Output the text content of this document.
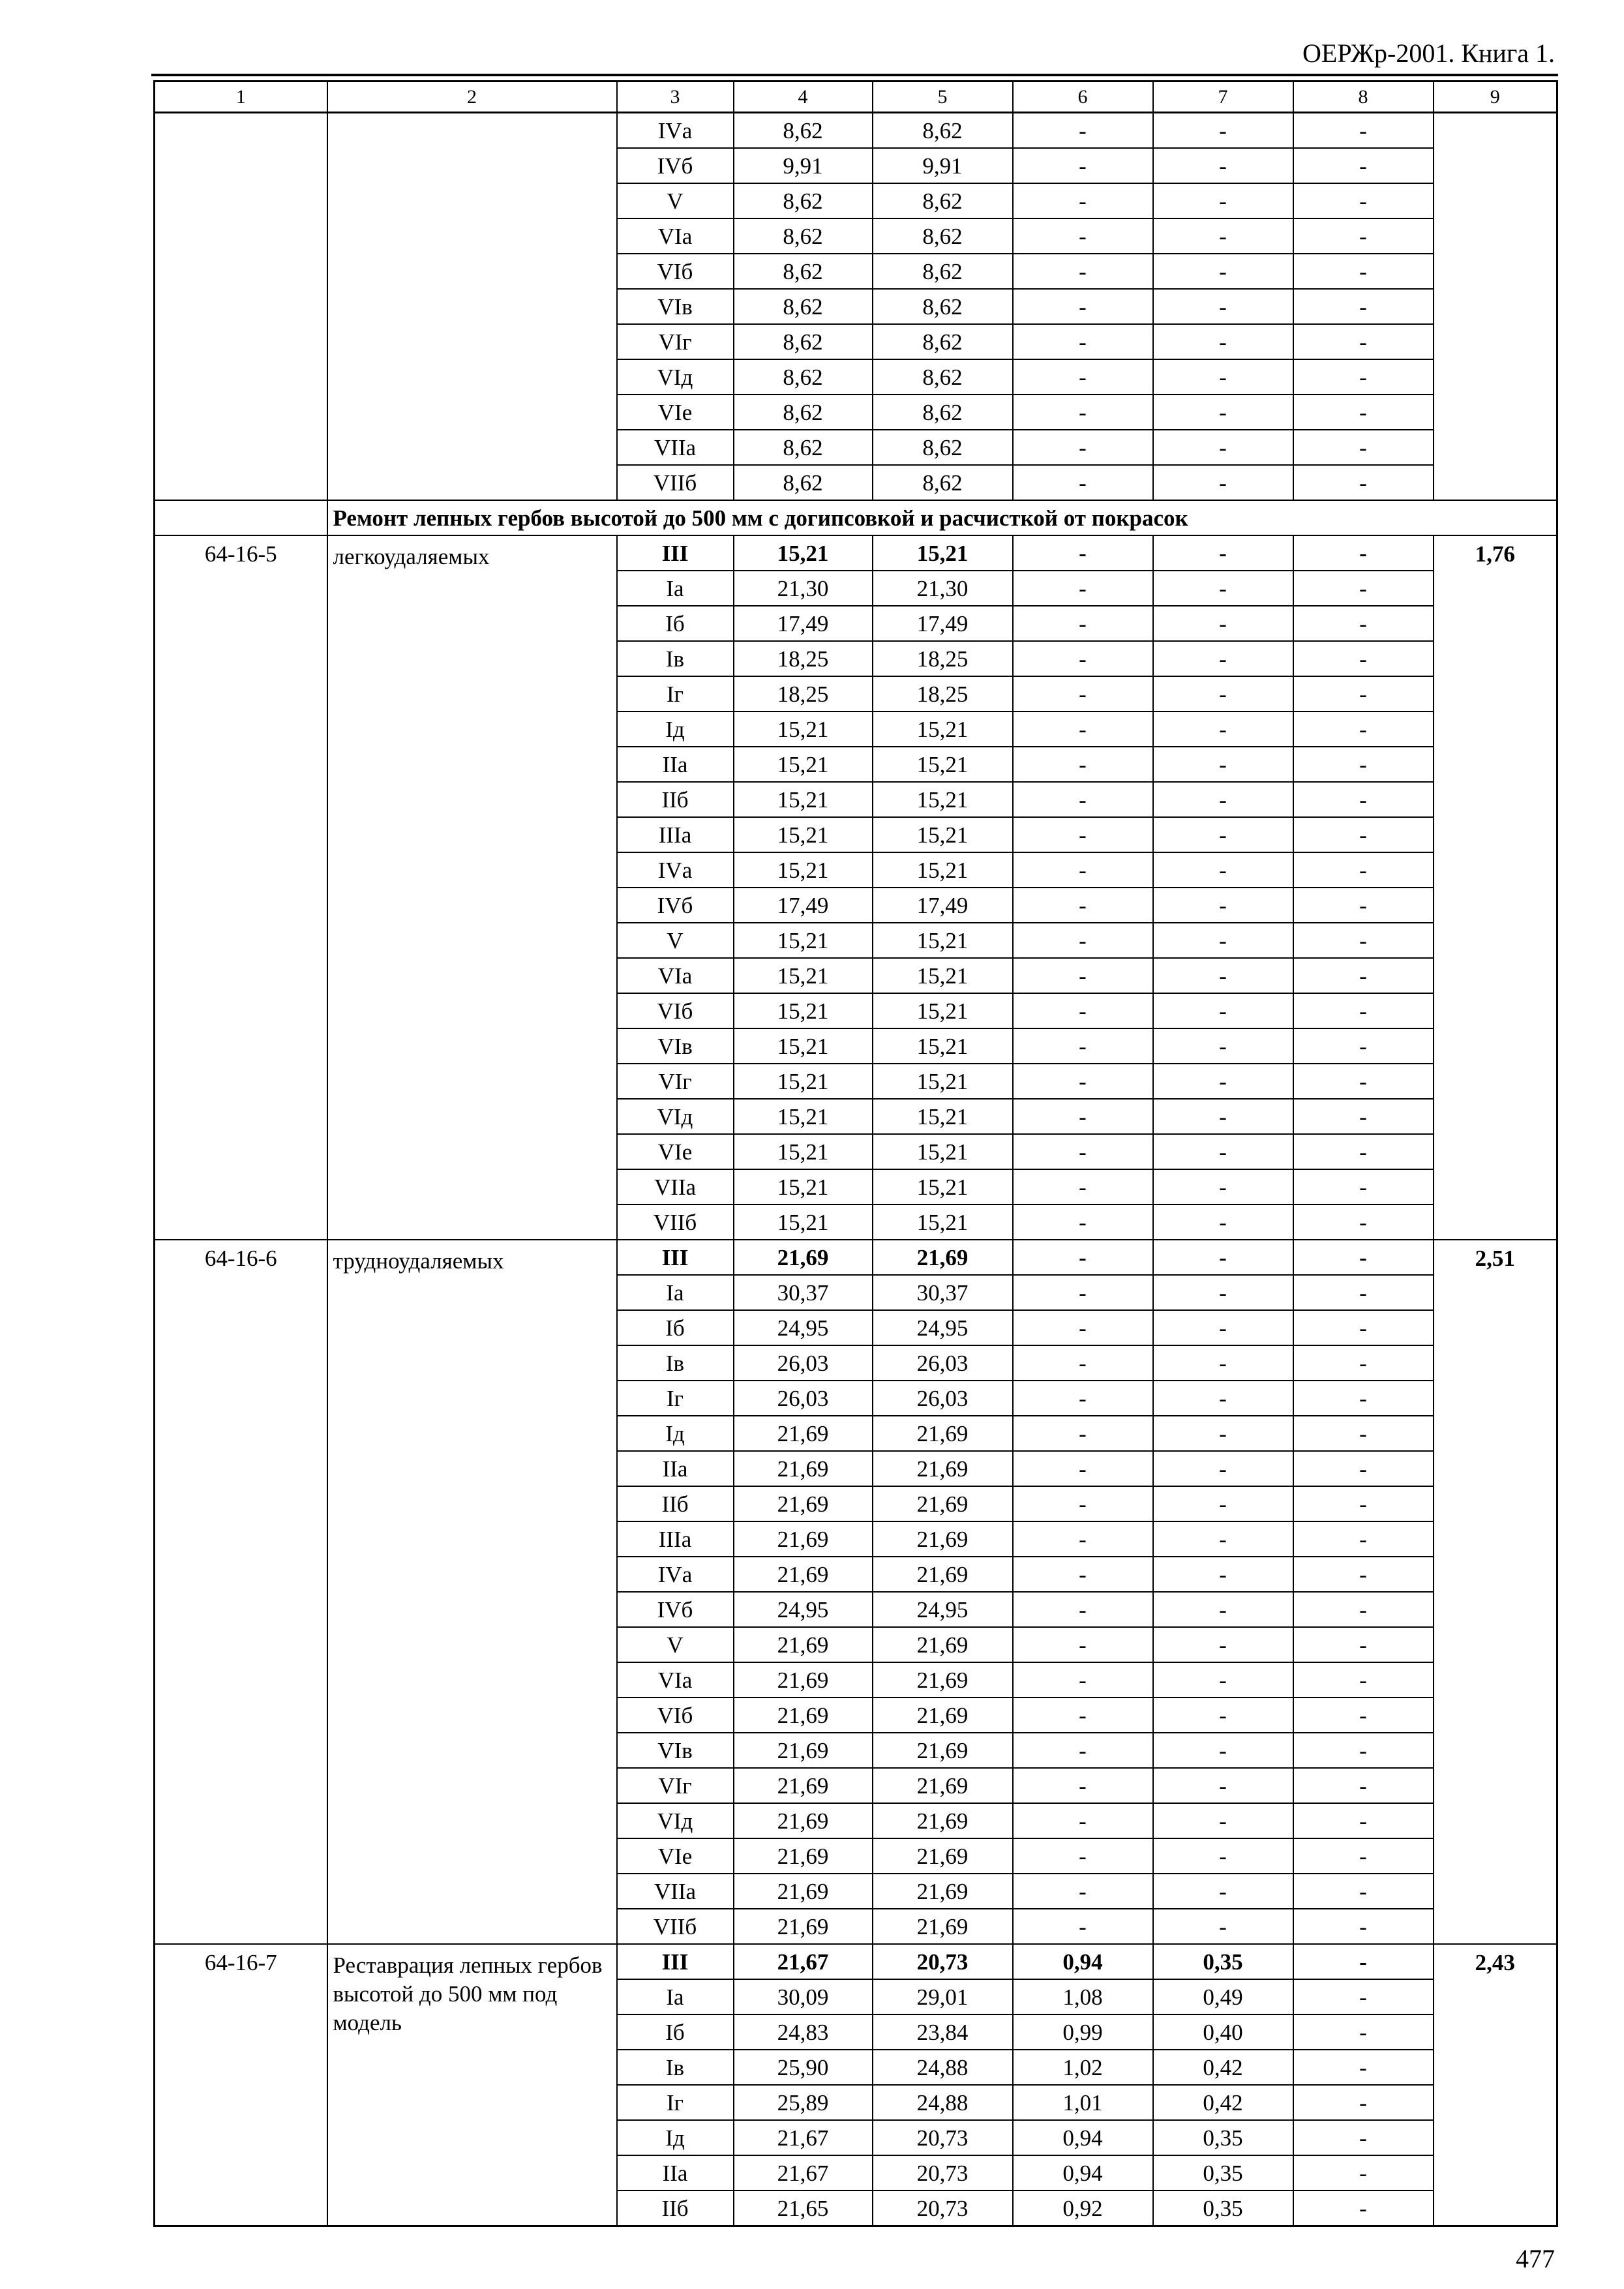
ОЕРЖр-2001. Книга 1.
1	2	3	4	5	6	7	8	9
		IVа	8,62	8,62	-	-	-	
		IVб	9,91	9,91	-	-	-	
		V	8,62	8,62	-	-	-	
		VIа	8,62	8,62	-	-	-	
		VIб	8,62	8,62	-	-	-	
		VIв	8,62	8,62	-	-	-	
		VIг	8,62	8,62	-	-	-	
		VIд	8,62	8,62	-	-	-	
		VIе	8,62	8,62	-	-	-	
		VIIа	8,62	8,62	-	-	-	
		VIIб	8,62	8,62	-	-	-	
	Ремонт лепных гербов высотой до 500 мм с догипсовкой и расчисткой от покрасок							
64-16-5	легкоудаляемых	III	15,21	15,21	-	-	-	1,76
		Iа	21,30	21,30	-	-	-	
		Iб	17,49	17,49	-	-	-	
		Iв	18,25	18,25	-	-	-	
		Iг	18,25	18,25	-	-	-	
		Iд	15,21	15,21	-	-	-	
		IIа	15,21	15,21	-	-	-	
		IIб	15,21	15,21	-	-	-	
		IIIа	15,21	15,21	-	-	-	
		IVа	15,21	15,21	-	-	-	
		IVб	17,49	17,49	-	-	-	
		V	15,21	15,21	-	-	-	
		VIа	15,21	15,21	-	-	-	
		VIб	15,21	15,21	-	-	-	
		VIв	15,21	15,21	-	-	-	
		VIг	15,21	15,21	-	-	-	
		VIд	15,21	15,21	-	-	-	
		VIе	15,21	15,21	-	-	-	
		VIIа	15,21	15,21	-	-	-	
		VIIб	15,21	15,21	-	-	-	
64-16-6	трудноудаляемых	III	21,69	21,69	-	-	-	2,51
		Iа	30,37	30,37	-	-	-	
		Iб	24,95	24,95	-	-	-	
		Iв	26,03	26,03	-	-	-	
		Iг	26,03	26,03	-	-	-	
		Iд	21,69	21,69	-	-	-	
		IIа	21,69	21,69	-	-	-	
		IIб	21,69	21,69	-	-	-	
		IIIа	21,69	21,69	-	-	-	
		IVа	21,69	21,69	-	-	-	
		IVб	24,95	24,95	-	-	-	
		V	21,69	21,69	-	-	-	
		VIа	21,69	21,69	-	-	-	
		VIб	21,69	21,69	-	-	-	
		VIв	21,69	21,69	-	-	-	
		VIг	21,69	21,69	-	-	-	
		VIд	21,69	21,69	-	-	-	
		VIе	21,69	21,69	-	-	-	
		VIIа	21,69	21,69	-	-	-	
		VIIб	21,69	21,69	-	-	-	
64-16-7	Реставрация лепных гербов высотой до 500 мм под модель	III	21,67	20,73	0,94	0,35	-	2,43
		Iа	30,09	29,01	1,08	0,49	-	
		Iб	24,83	23,84	0,99	0,40	-	
		Iв	25,90	24,88	1,02	0,42	-	
		Iг	25,89	24,88	1,01	0,42	-	
		Iд	21,67	20,73	0,94	0,35	-	
		IIа	21,67	20,73	0,94	0,35	-	
		IIб	21,65	20,73	0,92	0,35	-	
477
